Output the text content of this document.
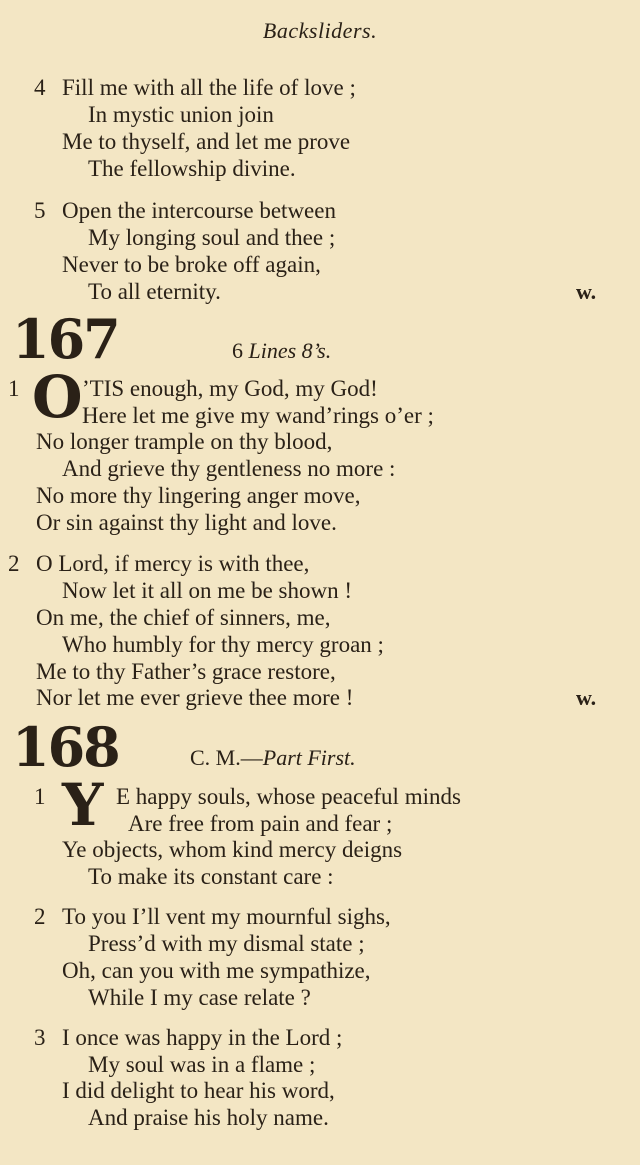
Backsliders.
4 Fill me with all the life of love ;
In mystic union join
Me to thyself, and let me prove
The fellowship divine.
5 Open the intercourse between
My longing soul and thee ;
Never to be broke off again,
To all eternity.	w.
167	6 Lines 8’s.
1 O ’TIS enough, my God, my God!
Here let me give my wand’rings o’er ;
No longer trample on thy blood,
And grieve thy gentleness no more :
No more thy lingering anger move,
Or sin against thy light and love.
2 O Lord, if mercy is with thee,
Now let it all on me be shown !
On me, the chief of sinners, me,
Who humbly for thy mercy groan ;
Me to thy Father’s grace restore,
Nor let me ever grieve thee more !	w.
168	C. M.—Part First.
1 Y E happy souls, whose peaceful minds
Are free from pain and fear ;
Ye objects, whom kind mercy deigns
To make its constant care :
2 To you I’ll vent my mournful sighs,
Press’d with my dismal state ;
Oh, can you with me sympathize,
While I my case relate ?
3 I once was happy in the Lord ;
My soul was in a flame ;
I did delight to hear his word,
And praise his holy name.
